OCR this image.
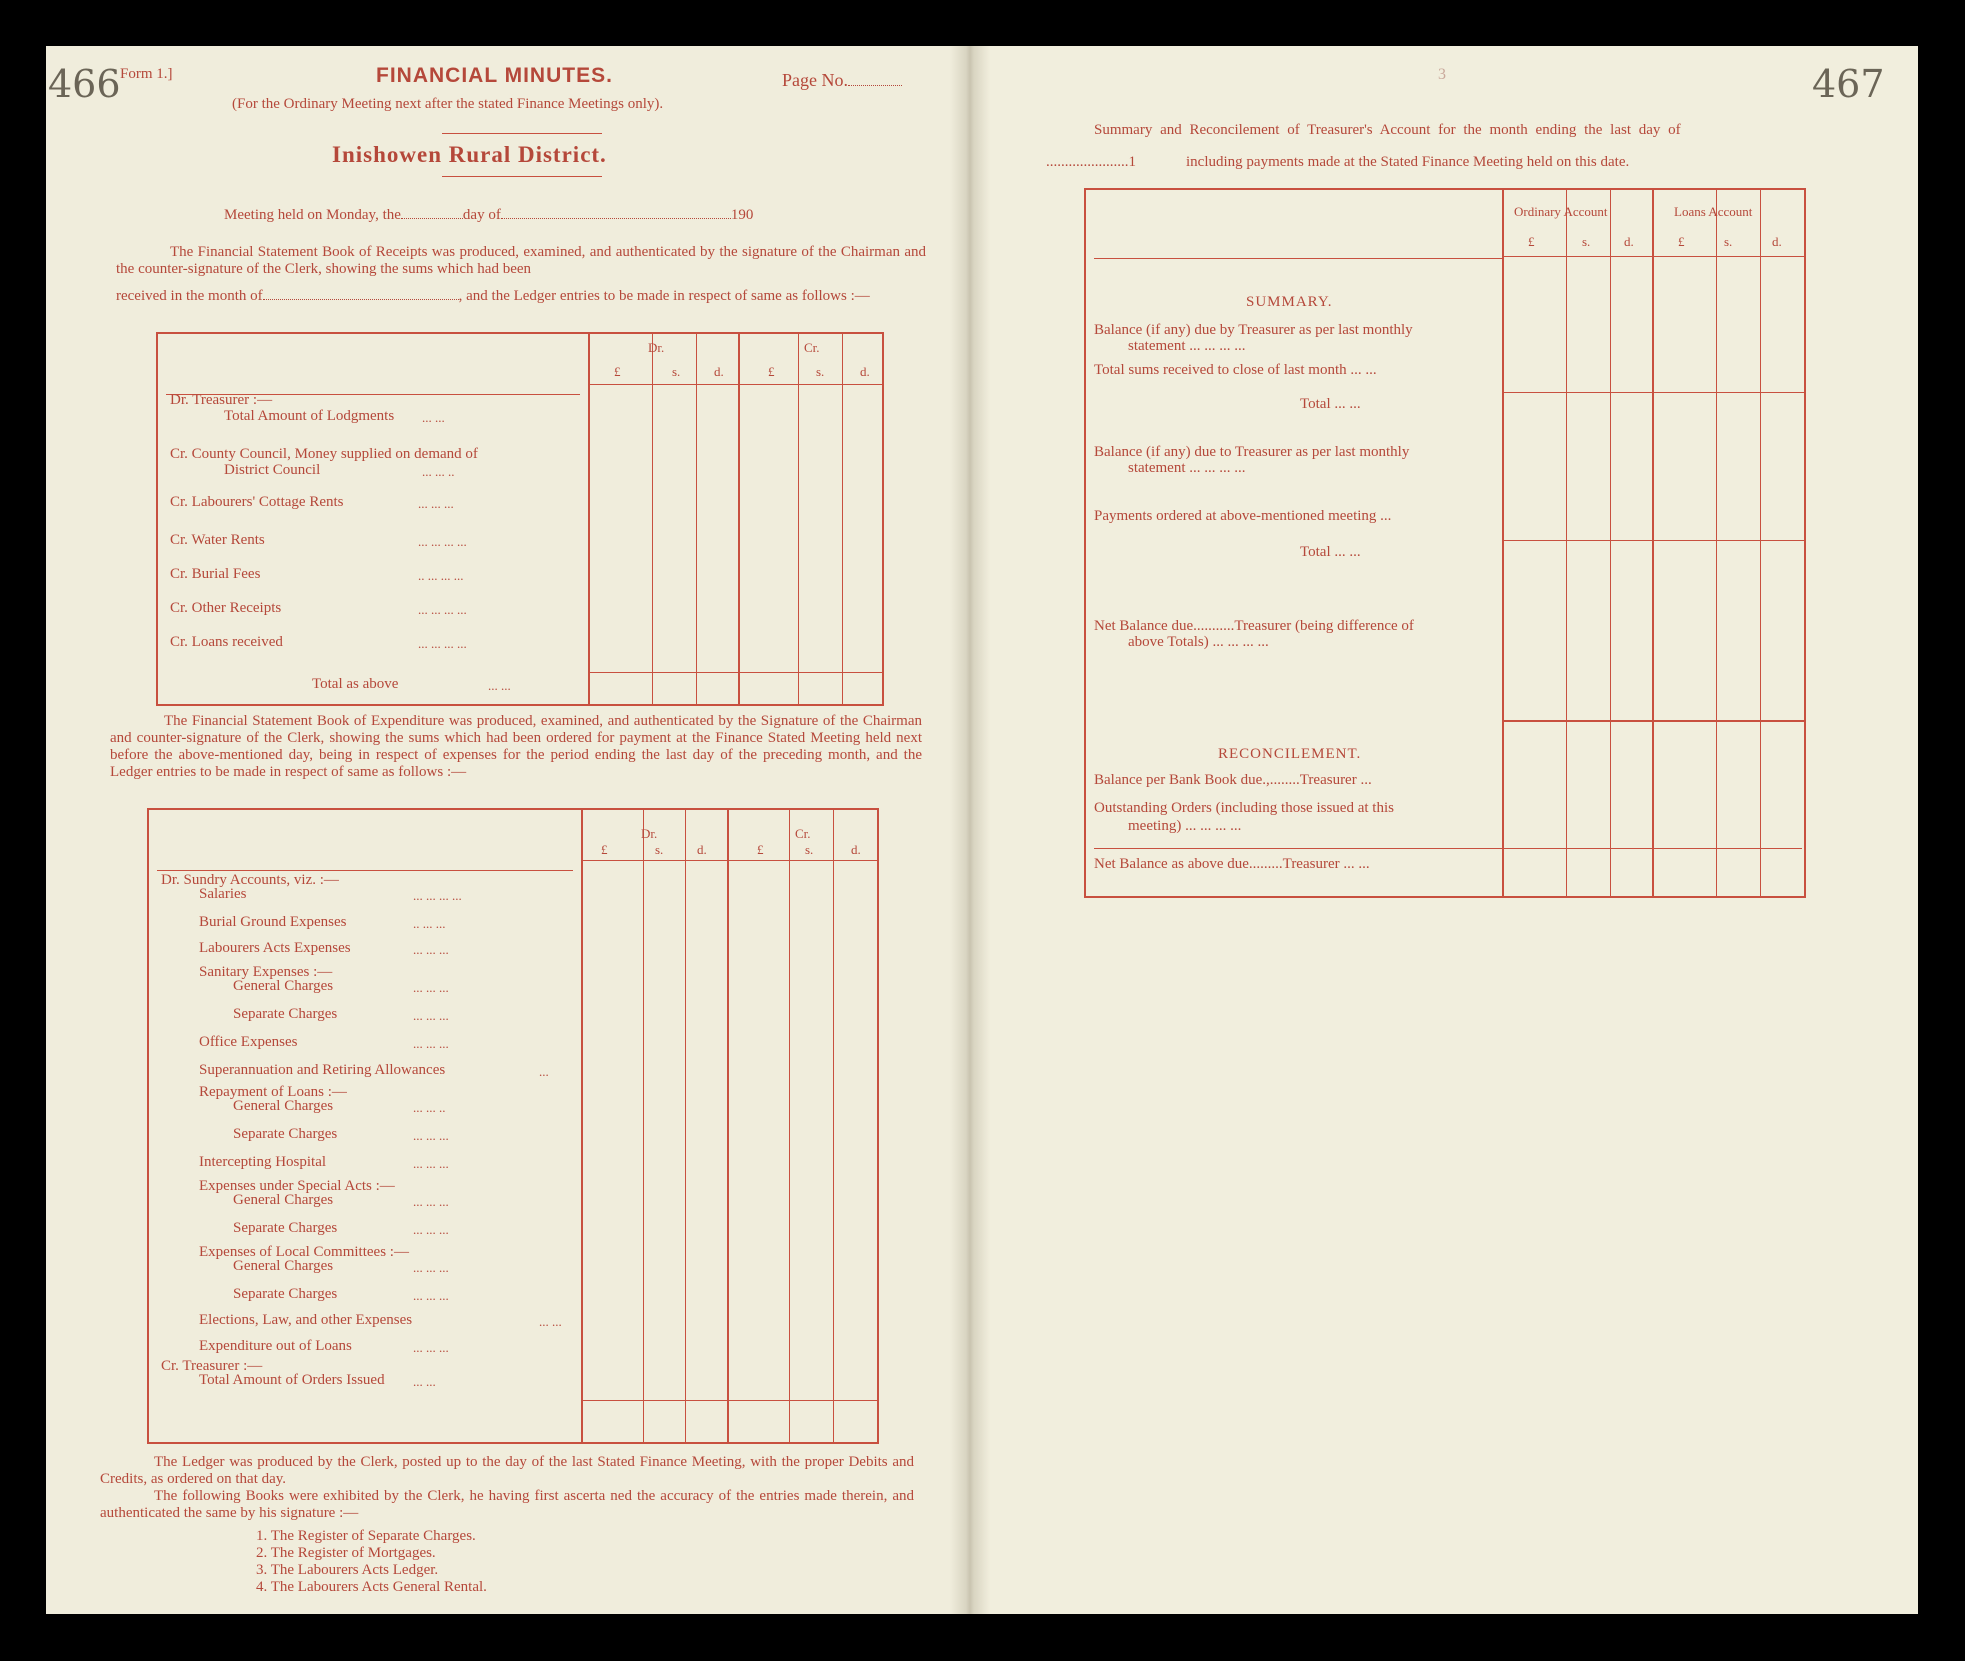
466 Form 1.]	FINANCIAL MINUTES.	Page No.
(For the Ordinary Meeting next after the stated Finance Meetings only).
Inishowen Rural District.
Meeting held on Monday, the	day of	190
The Financial Statement Book of Receipts was produced, examined, and authenticated by the signature of the Chairman and the counter-signature of the Clerk, showing the sums which had been
received in the month of	, and the Ledger entries to be made in respect of same as follows :—
Dr.	Cr.
£	s.	d.	£	s.	d.
Dr. Treasurer :—
Total Amount of Lodgments ... ...
Cr. County Council, Money supplied on demand of
District Council	... ... ..
Cr. Labourers' Cottage Rents	... ... ...
Cr. Water Rents	... ... ... ...
Cr. Burial Fees	.. ... ... ...
Cr. Other Receipts	... ... ... ...
Cr. Loans received	... ... ... ...
Total as above	... ...
The Financial Statement Book of Expenditure was produced, examined, and authenticated by the Signature of the Chairman and counter-signature of the Clerk, showing the sums which had been ordered for payment at the Finance Stated Meeting held next before the above-mentioned day, being in respect of expenses for the period ending the last day of the preceding month, and the Ledger entries to be made in respect of same as follows :—
Dr.	Cr.
£	s.	d.	£	s.	d.
Dr. Sundry Accounts, viz. :—
Salaries	... ... ... ...
Burial Ground Expenses	.. ... ...
Labourers Acts Expenses	... ... ...
Sanitary Expenses :—
General Charges	... ... ...
Separate Charges	... ... ...
Office Expenses	... ... ...
Superannuation and Retiring Allowances	...
Repayment of Loans :—
General Charges	... ... ..
Separate Charges	... ... ...
Intercepting Hospital	... ... ...
Expenses under Special Acts :—
General Charges	... ... ...
Separate Charges	... ... ...
Expenses of Local Committees :—
General Charges	... ... ...
Separate Charges	... ... ...
Elections, Law, and other Expenses	... ...
Expenditure out of Loans	... ... ...
Cr. Treasurer :—
Total Amount of Orders Issued ... ...
The Ledger was produced by the Clerk, posted up to the day of the last Stated Finance Meeting, with the proper Debits and Credits, as ordered on that day.
The following Books were exhibited by the Clerk, he having first ascerta ned the accuracy of the entries made therein, and authenticated the same by his signature :—
1. The Register of Separate Charges.
2. The Register of Mortgages.
3. The Labourers Acts Ledger.
4. The Labourers Acts General Rental.
467
3
Summary and Reconcilement of Treasurer's Account for the month ending the last day of
......................1	including payments made at the Stated Finance Meeting held on this date.
Ordinary Account	Loans Account
£	s.	d.	£	s.	d.
SUMMARY.
Balance (if any) due by Treasurer as per last monthly
statement ... ... ... ...
Total sums received to close of last month ... ...
Total ... ...
Balance (if any) due to Treasurer as per last monthly
statement ... ... ... ...
Payments ordered at above-mentioned meeting ...
Total ... ...
Net Balance due...........Treasurer (being difference of
above Totals) ... ... ... ...
RECONCILEMENT.
Balance per Bank Book due.,........Treasurer ...
Outstanding Orders (including those issued at this
meeting) ... ... ... ...
Net Balance as above due.........Treasurer ... ...
